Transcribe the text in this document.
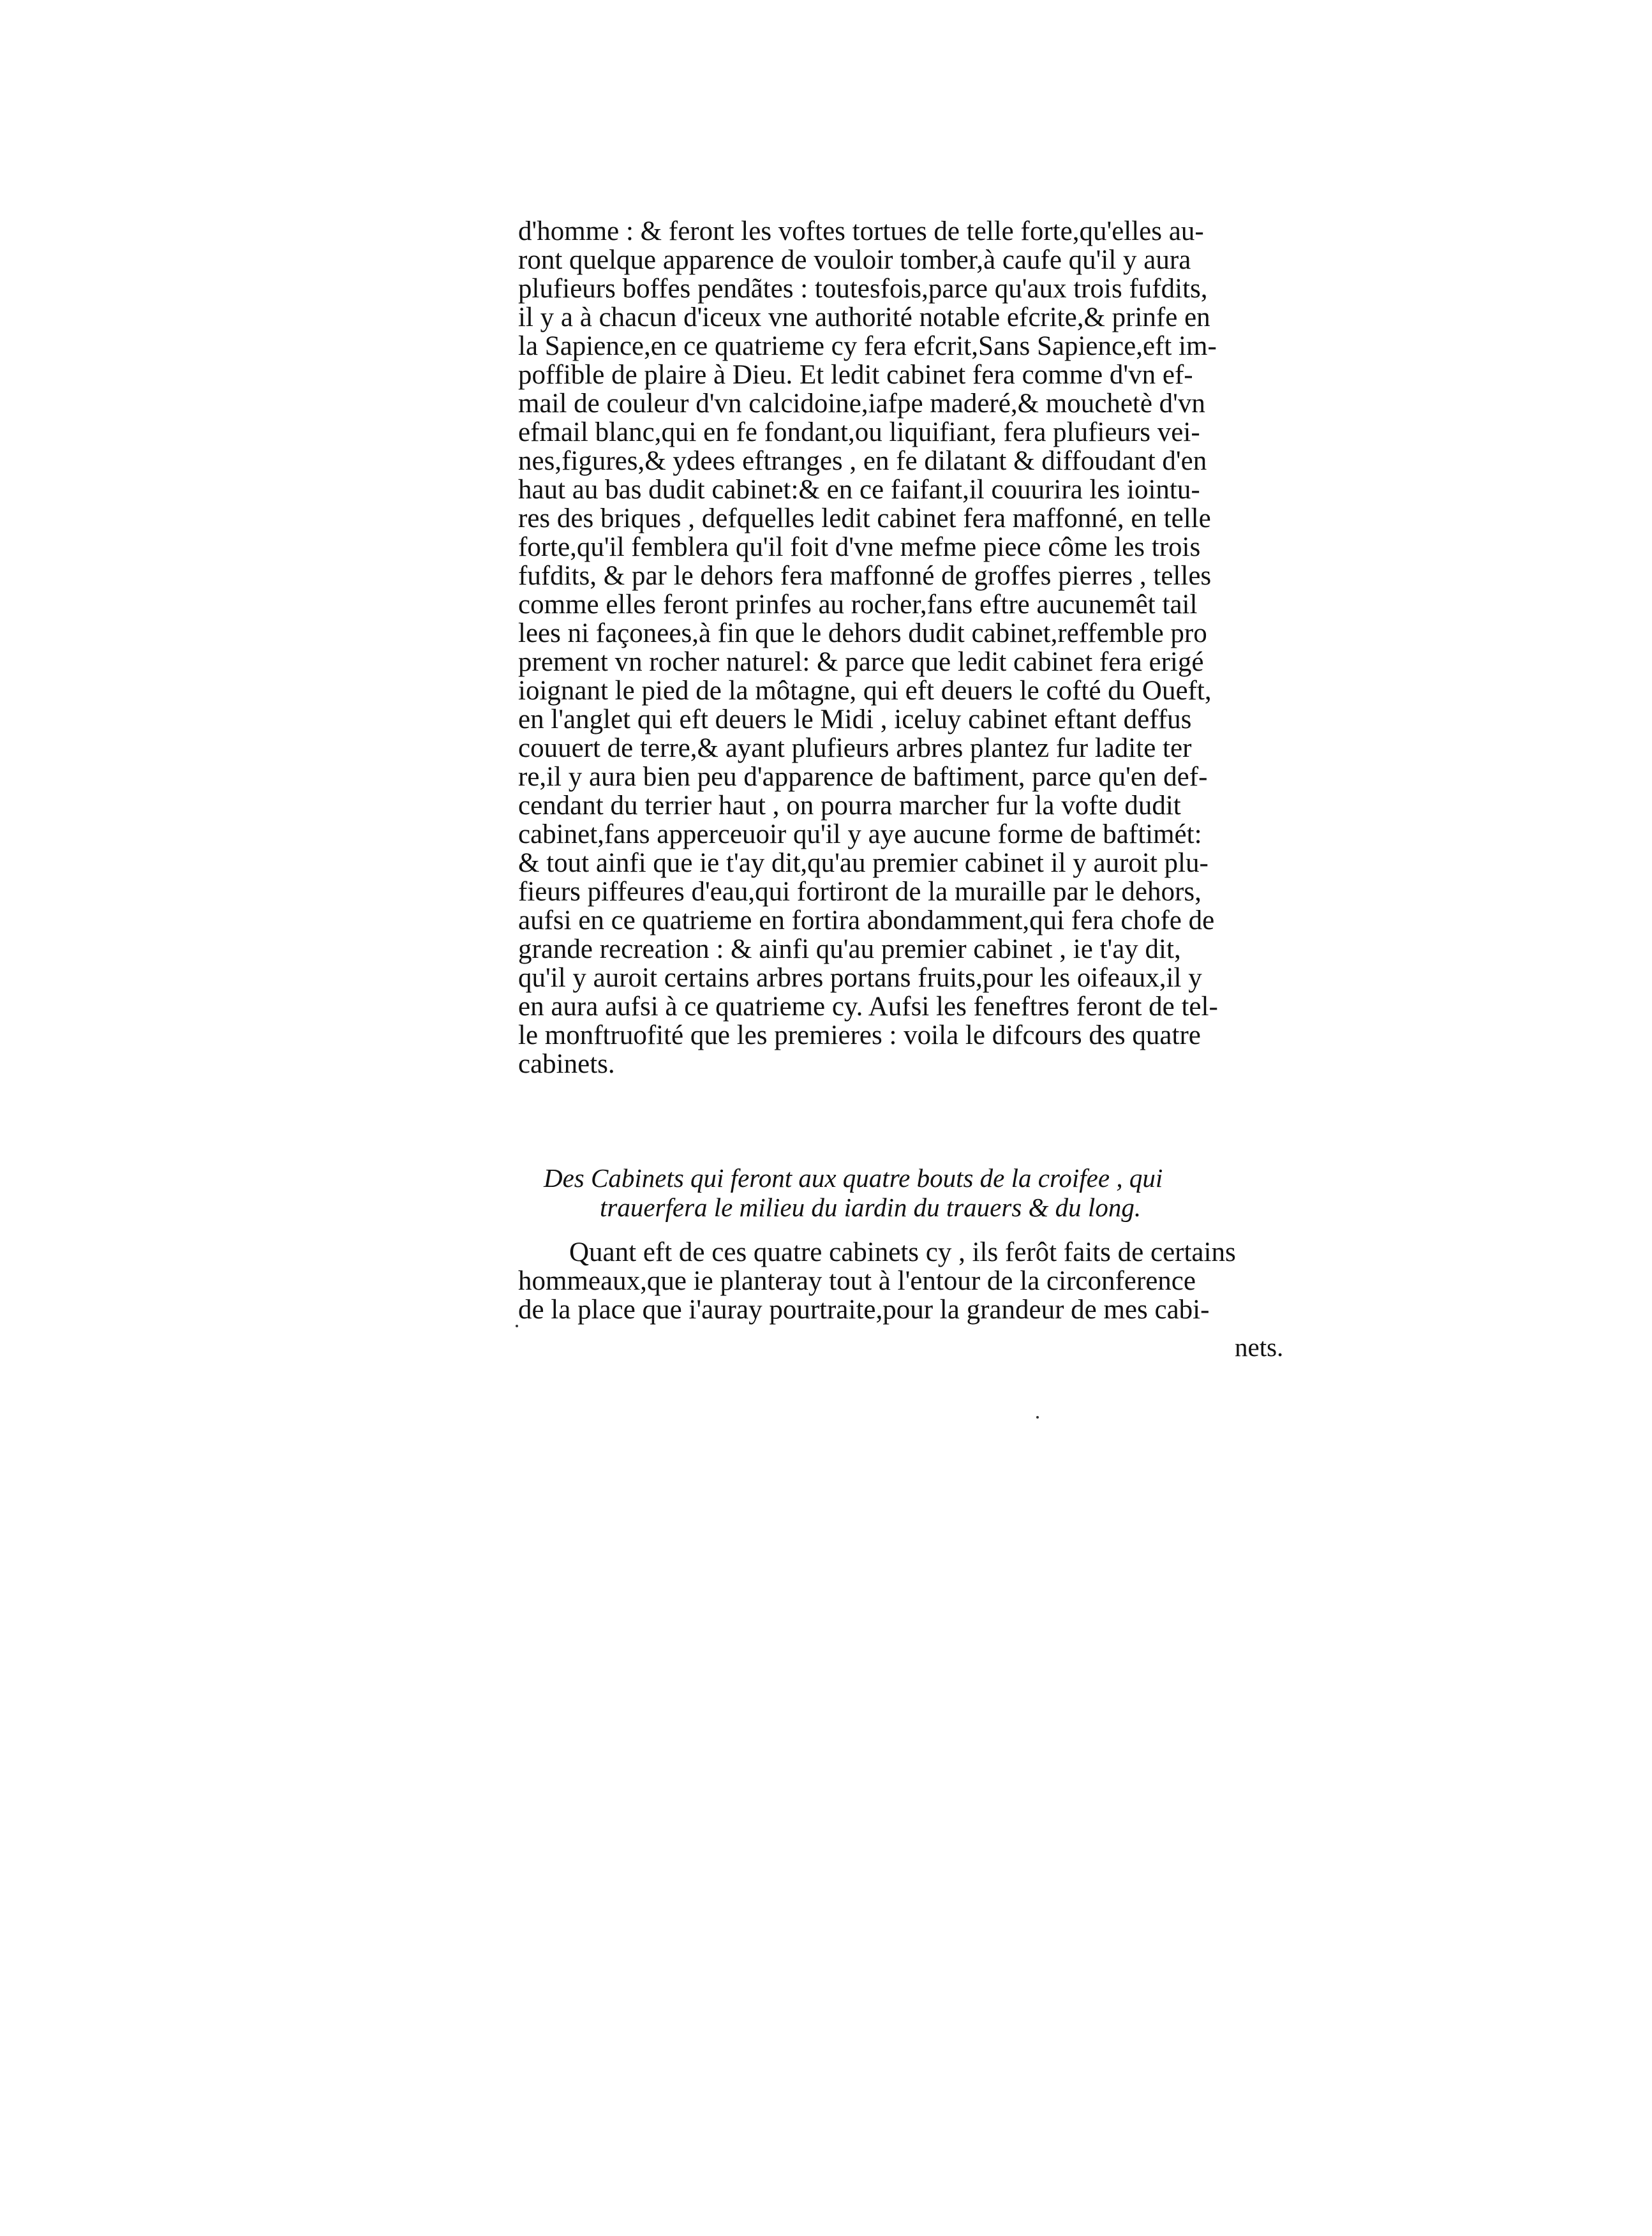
d'homme : & feront les voftes tortues de telle forte,qu'elles au-
ront quelque apparence de vouloir tomber,à caufe qu'il y aura
plufieurs boffes pendãtes : toutesfois,parce qu'aux trois fufdits,
il y a à chacun d'iceux vne authorité notable efcrite,& prinfe en
la Sapience,en ce quatrieme cy fera efcrit,Sans Sapience,eft im-
poffible de plaire à Dieu. Et ledit cabinet fera comme d'vn ef-
mail de couleur d'vn calcidoine,iafpe maderé,& mouchetè d'vn
efmail blanc,qui en fe fondant,ou liquifiant, fera plufieurs vei-
nes,figures,& ydees eftranges , en fe dilatant & diffoudant d'en
haut au bas dudit cabinet:& en ce faifant,il couurira les iointu-
res des briques , defquelles ledit cabinet fera maffonné, en telle
forte,qu'il femblera qu'il foit d'vne mefme piece côme les trois
fufdits, & par le dehors fera maffonné de groffes pierres , telles
comme elles feront prinfes au rocher,fans eftre aucunemêt tail
lees ni façonees,à fin que le dehors dudit cabinet,reffemble pro
prement vn rocher naturel: & parce que ledit cabinet fera erigé
ioignant le pied de la môtagne, qui eft deuers le cofté du Oueft,
en l'anglet qui eft deuers le Midi , iceluy cabinet eftant deffus
couuert de terre,& ayant plufieurs arbres plantez fur ladite ter
re,il y aura bien peu d'apparence de baftiment, parce qu'en def-
cendant du terrier haut , on pourra marcher fur la vofte dudit
cabinet,fans apperceuoir qu'il y aye aucune forme de baftimét:
& tout ainfi que ie t'ay dit,qu'au premier cabinet il y auroit plu-
fieurs piffeures d'eau,qui fortiront de la muraille par le dehors,
aufsi en ce quatrieme en fortira abondamment,qui fera chofe de
grande recreation : & ainfi qu'au premier cabinet , ie t'ay dit,
qu'il y auroit certains arbres portans fruits,pour les oifeaux,il y
en aura aufsi à ce quatrieme cy. Aufsi les feneftres feront de tel-
le monftruofité que les premieres : voila le difcours des quatre
cabinets.
Des Cabinets qui feront aux quatre bouts de la croifee , qui
trauerfera le milieu du iardin du trauers & du long.
Quant eft de ces quatre cabinets cy , ils ferôt faits de certains
hommeaux,que ie planteray tout à l'entour de la circonference
de la place que i'auray pourtraite,pour la grandeur de mes cabi-
nets.
